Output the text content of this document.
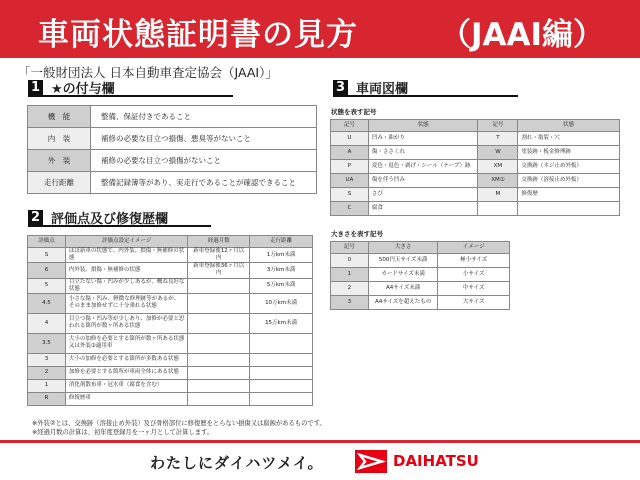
車両状態証明書の見方	（JAAI編）
「一般財団法人 日本自動車査定協会（JAAI）」
1 ★の付与欄
機　能	整備、保証付きであること
内　装	補修の必要な目立つ損傷、悪臭等がないこと
外　装	補修の必要な目立つ損傷がないこと
走行距離	整備記録簿等があり、実走行であることが確認できること
2 評価点及び修復歴欄
評価点	評価点設定イメージ	経過月数	走行距離
S	ほぼ新車の状態で、内外装、損傷・無補修の状態	新車登録後12ヶ月以内	1万km未満
6	内外装、損傷・無補修の状態	新車登録後36ヶ月以内	3万km未満
5	目立たない傷・凹みが少しあるが、概ね良好な状態		5万km未満
4.5	小さな傷・凹み、軽微な修理跡等があるが、そのまま加修せずに十分乗れる状態		10万km未満
4	目立つ傷・凹み等が少しあり、加修が必要と思われる箇所が数ヶ所ある状態		15万km未満
3.5	大小の加修を必要とする箇所が数ヶ所ある状態又は外装②適用車		
3	大小の加修を必要とする箇所が多数ある状態		
2	加修を必要とする箇所が車両全体にある状態		
1	消化剤散布車・冠水車（腐食を含む）		
R	修復歴車		
※外装②とは、交換跡（溶接止め外装）及び骨格部位に修復歴をとらない損傷又は腐蝕があるものです。
※経過月数の計算は、初年度登録月を一ヶ月として計算します。
3 車両図欄
状態を表す記号
記号	状態	記号	状態
U	凹み・曲がり	T	割れ・亀裂・穴
A	傷・ささくれ	W	塗装跡・板金修理跡
P	変色・退色・剥げ・シール（テープ）跡	XM	交換跡（ネジ止め外板）
UA	傷を伴う凹み	XM②	交換跡（溶接止め外板）
S	さび	M	修復歴
C	腐食		
大きさを表す記号
記号	大きさ	イメージ
0	500円玉サイズ未満	極小サイズ
1	カードサイズ未満	小サイズ
2	A4サイズ未満	中サイズ
3	A4サイズを超えたもの	大サイズ
わたしにダイハツメイ。	DAIHATSU
